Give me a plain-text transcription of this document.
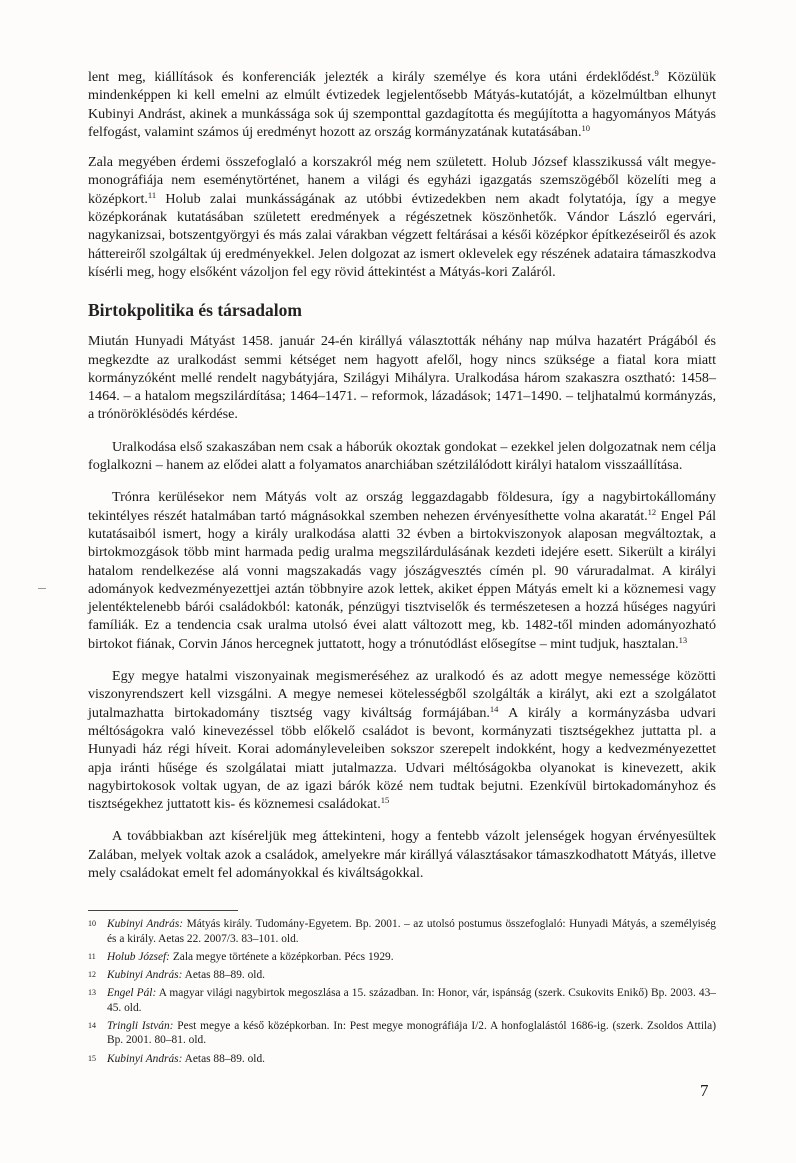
lent meg, kiállítások és konferenciák jelezték a király személye és kora utáni érdeklődést.$^9$ Közülük mindenképpen ki kell emelni az elmúlt évtizedek legjelentősebb Mátyás-kutatóját, a közelmúltban elhunyt Kubinyi Andrást, akinek a munkássága sok új szemponttal gazdagította és megújította a hagyományos Mátyás felfogást, valamint számos új eredményt hozott az ország kormányzatának kutatásában.$^{10}$

Zala megyében érdemi összefoglaló a korszakról még nem született. Holub József klasszikussá vált megye-monográfiája nem eseménytörténet, hanem a világi és egyházi igazgatás szemszögéből közelíti meg a középkort.$^{11}$ Holub zalai munkásságának az utóbbi évtizedekben nem akadt folytatója, így a megye középkorának kutatásában született eredmények a régészetnek köszönhetők. Vándor László egervári, nagykanizsai, botszentgyörgyi és más zalai várakban végzett feltárásai a késői középkor építkezéseiről és azok háttereiről szolgáltak új eredményekkel. Jelen dolgozat az ismert oklevelek egy részének adataira támaszkodva kísérli meg, hogy elsőként vázoljon fel egy rövid áttekintést a Mátyás-kori Zaláról.

Birtokpolitika és társadalom

Miután Hunyadi Mátyást 1458. január 24-én királlyá választották néhány nap múlva hazatért Prágából és megkezdte az uralkodást semmi kétséget nem hagyott afelől, hogy nincs szüksége a fiatal kora miatt kormányzóként mellé rendelt nagybátyjára, Szilágyi Mihályra. Uralkodása három szakaszra osztható: 1458–1464. – a hatalom megszilárdítása; 1464–1471. – reformok, lázadások; 1471–1490. – teljhatalmú kormányzás, a trónöröklésödés kérdése.

Uralkodása első szakaszában nem csak a háborúk okoztak gondokat – ezekkel jelen dolgozatnak nem célja foglalkozni – hanem az elődei alatt a folyamatos anarchiában szétzilálódott királyi hatalom visszaállítása.

Trónra kerülésekor nem Mátyás volt az ország leggazdagabb földesura, így a nagybirtokállomány tekintélyes részét hatalmában tartó mágnásokkal szemben nehezen érvényesíthette volna akaratát.$^{12}$ Engel Pál kutatásaiból ismert, hogy a király uralkodása alatti 32 évben a birtokviszonyok alaposan megváltoztak, a birtokmozgások több mint harmada pedig uralma megszilárdulásának kezdeti idejére esett. Sikerült a királyi hatalom rendelkezése alá vonni magszakadás vagy jószágvesztés címén pl. 90 váruradalmat. A királyi adományok kedvezményezettjei aztán többnyire azok lettek, akiket éppen Mátyás emelt ki a köznemesi vagy jelentéktelenebb bárói családokból: katonák, pénzügyi tisztviselők és természetesen a hozzá hűséges nagyúri famíliák. Ez a tendencia csak uralma utolsó évei alatt változott meg, kb. 1482-től minden adományozható birtokot fiának, Corvin János hercegnek juttatott, hogy a trónutódlást elősegítse – mint tudjuk, hasztalan.$^{13}$

Egy megye hatalmi viszonyainak megismeréséhez az uralkodó és az adott megye nemessége közötti viszonyrendszert kell vizsgálni. A megye nemesei kötelességből szolgálták a királyt, aki ezt a szolgálatot jutalmazhatta birtokadomány tisztség vagy kiváltság formájában.$^{14}$ A király a kormányzásba udvari méltóságokra való kinevezéssel több előkelő családot is bevont, kormányzati tisztségekhez juttatta pl. a Hunyadi ház régi híveit. Korai adományleveleiben sokszor szerepelt indokként, hogy a kedvezményezettet apja iránti hűsége és szolgálatai miatt jutalmazza. Udvari méltóságokba olyanokat is kinevezett, akik nagybirtokosok voltak ugyan, de az igazi bárók közé nem tudtak bejutni. Ezenkívül birtokadományhoz és tisztségekhez juttatott kis- és köznemesi családokat.$^{15}$

A továbbiakban azt kíséreljük meg áttekinteni, hogy a fentebb vázolt jelenségek hogyan érvényesültek Zalában, melyek voltak azok a családok, amelyekre már királlyá választásakor támaszkodhatott Mátyás, illetve mely családokat emelt fel adományokkal és kiváltságokkal.

10 Kubinyi András: Mátyás király. Tudomány-Egyetem. Bp. 2001. – az utolsó postumus összefoglaló: Hunyadi Mátyás, a személyiség és a király. Aetas 22. 2007/3. 83–101. old.
11 Holub József: Zala megye története a középkorban. Pécs 1929.
12 Kubinyi András: Aetas 88–89. old.
13 Engel Pál: A magyar világi nagybirtok megoszlása a 15. században. In: Honor, vár, ispánság (szerk. Csukovits Enikő) Bp. 2003. 43–45. old.
14 Tringli István: Pest megye a késő középkorban. In: Pest megye monográfiája I/2. A honfoglalástól 1686-ig. (szerk. Zsoldos Attila) Bp. 2001. 80–81. old.
15 Kubinyi András: Aetas 88–89. old.
7
